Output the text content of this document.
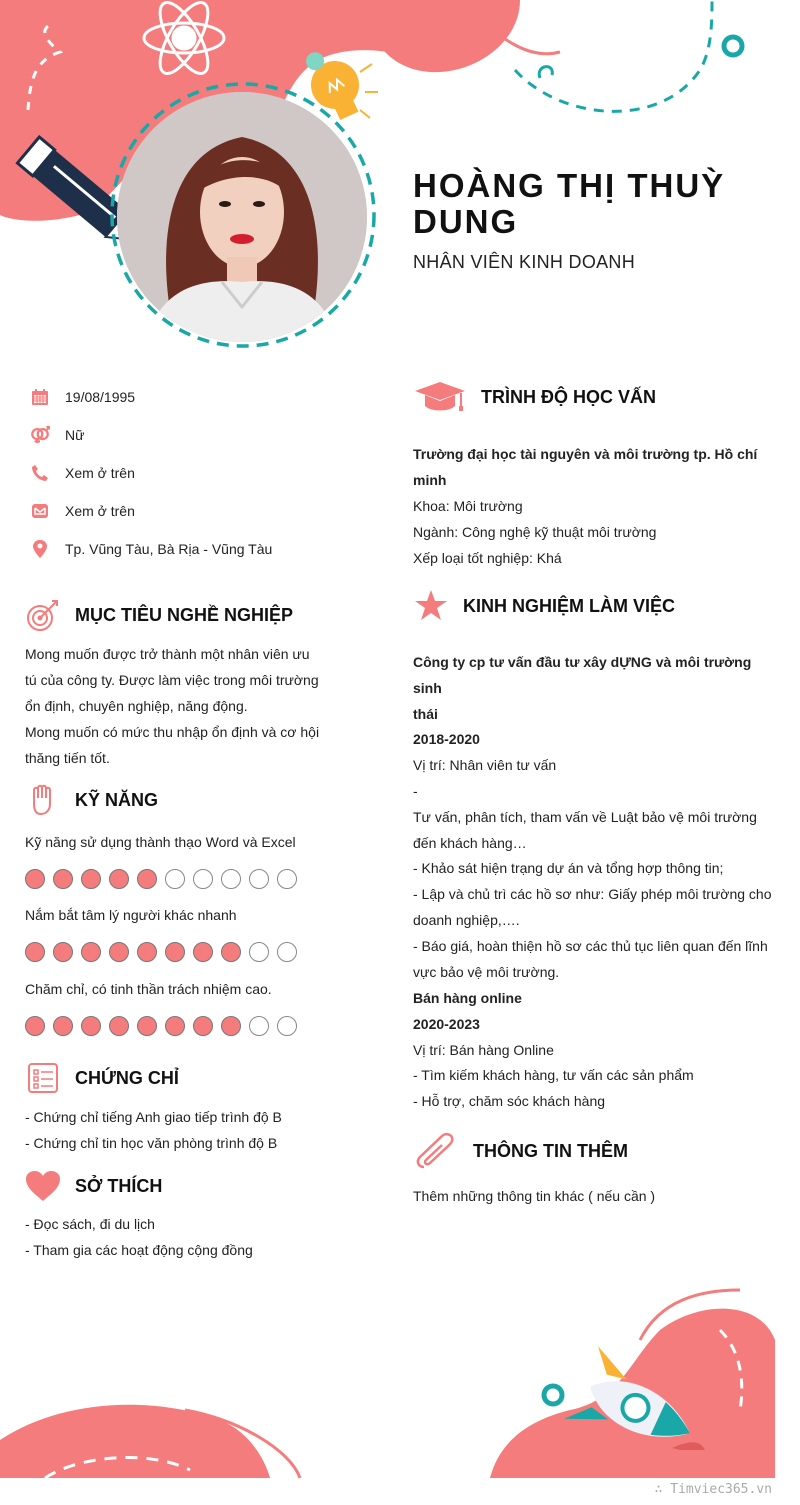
HOÀNG THỊ THUỲ DUNG
NHÂN VIÊN KINH DOANH
19/08/1995
Nữ
Xem ở trên
Xem ở trên
Tp. Vũng Tàu, Bà Rịa - Vũng Tàu
MỤC TIÊU NGHỀ NGHIỆP
Mong muốn được trở thành một nhân viên ưu
tú của công ty. Được làm việc trong môi trường
ổn định, chuyên nghiệp, năng động.
Mong muốn có mức thu nhập ổn định và cơ hội
thăng tiến tốt.
KỸ NĂNG
Kỹ năng sử dụng thành thạo Word và Excel
Nắm bắt tâm lý người khác nhanh
Chăm chỉ, có tinh thần trách nhiệm cao.
CHỨNG CHỈ
- Chứng chỉ tiếng Anh giao tiếp trình độ B
- Chứng chỉ tin học văn phòng trình độ B
SỞ THÍCH
- Đọc sách, đi du lịch
- Tham gia các hoạt động cộng đồng
TRÌNH ĐỘ HỌC VẤN
Trường đại học tài nguyên và môi trường tp. Hồ chí minh
Khoa: Môi trường
Ngành: Công nghệ kỹ thuật môi trường
Xếp loại tốt nghiệp: Khá
KINH NGHIỆM LÀM VIỆC
Công ty cp tư vấn đầu tư xây dỰNG và môi trường sinh
thái
2018-2020
Vị trí: Nhân viên tư vấn
-
Tư vấn, phân tích, tham vấn về Luật bảo vệ môi trường
đến khách hàng…
- Khảo sát hiện trạng dự án và tổng hợp thông tin;
- Lập và chủ trì các hồ sơ như: Giấy phép môi trường cho
doanh nghiệp,….
- Báo giá, hoàn thiện hồ sơ các thủ tục liên quan đến lĩnh
vực bảo vệ môi trường.
Bán hàng online
2020-2023
Vị trí: Bán hàng Online
- Tìm kiếm khách hàng, tư vấn các sản phẩm
- Hỗ trợ, chăm sóc khách hàng
THÔNG TIN THÊM
Thêm những thông tin khác ( nếu cần )
∴ Timviec365.vn
